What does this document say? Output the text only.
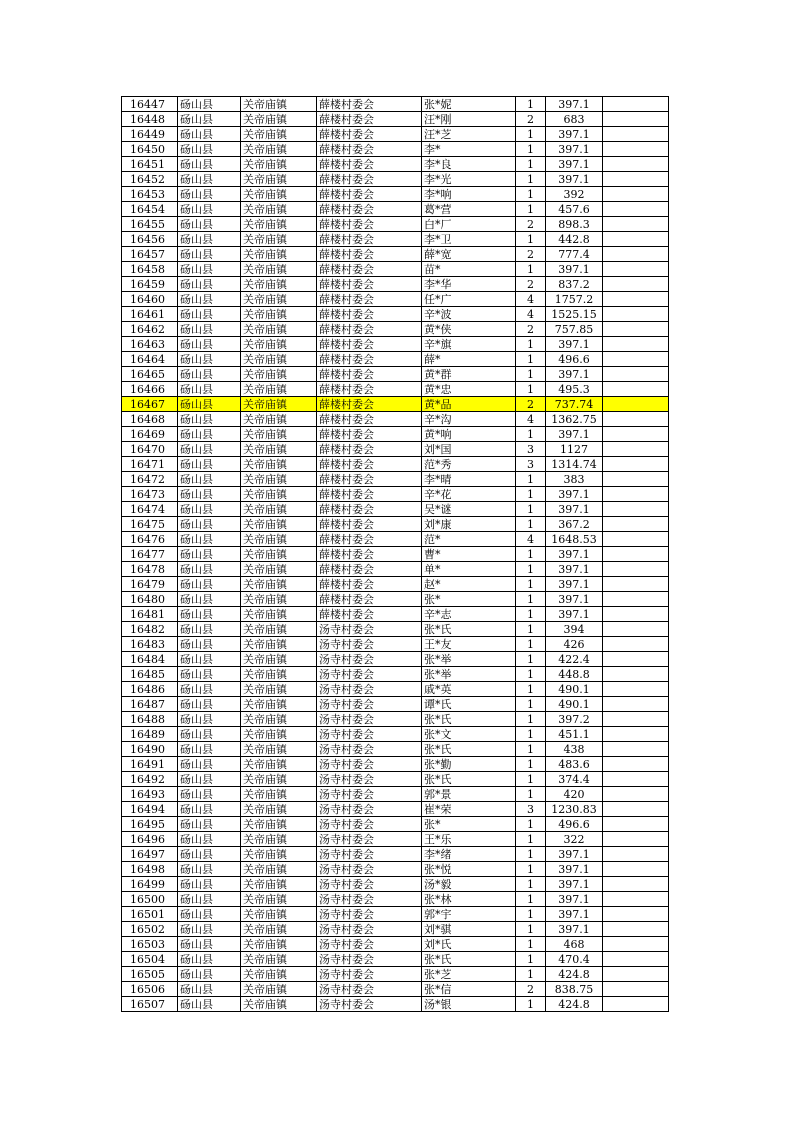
16447	砀山县	关帝庙镇	薛楼村委会	张*妮	1	397.1	
16448	砀山县	关帝庙镇	薛楼村委会	汪*刚	2	683	
16449	砀山县	关帝庙镇	薛楼村委会	汪*芝	1	397.1	
16450	砀山县	关帝庙镇	薛楼村委会	李*	1	397.1	
16451	砀山县	关帝庙镇	薛楼村委会	李*良	1	397.1	
16452	砀山县	关帝庙镇	薛楼村委会	李*光	1	397.1	
16453	砀山县	关帝庙镇	薛楼村委会	李*响	1	392	
16454	砀山县	关帝庙镇	薛楼村委会	葛*营	1	457.6	
16455	砀山县	关帝庙镇	薛楼村委会	白*厂	2	898.3	
16456	砀山县	关帝庙镇	薛楼村委会	李*卫	1	442.8	
16457	砀山县	关帝庙镇	薛楼村委会	薛*宽	2	777.4	
16458	砀山县	关帝庙镇	薛楼村委会	苗*	1	397.1	
16459	砀山县	关帝庙镇	薛楼村委会	李*华	2	837.2	
16460	砀山县	关帝庙镇	薛楼村委会	任*广	4	1757.2	
16461	砀山县	关帝庙镇	薛楼村委会	辛*波	4	1525.15	
16462	砀山县	关帝庙镇	薛楼村委会	黄*侠	2	757.85	
16463	砀山县	关帝庙镇	薛楼村委会	辛*旗	1	397.1	
16464	砀山县	关帝庙镇	薛楼村委会	薛*	1	496.6	
16465	砀山县	关帝庙镇	薛楼村委会	黄*群	1	397.1	
16466	砀山县	关帝庙镇	薛楼村委会	黄*忠	1	495.3	
16467	砀山县	关帝庙镇	薛楼村委会	黄*品	2	737.74	
16468	砀山县	关帝庙镇	薛楼村委会	辛*沟	4	1362.75	
16469	砀山县	关帝庙镇	薛楼村委会	黄*响	1	397.1	
16470	砀山县	关帝庙镇	薛楼村委会	刘*国	3	1127	
16471	砀山县	关帝庙镇	薛楼村委会	范*秀	3	1314.74	
16472	砀山县	关帝庙镇	薛楼村委会	李*晴	1	383	
16473	砀山县	关帝庙镇	薛楼村委会	辛*花	1	397.1	
16474	砀山县	关帝庙镇	薛楼村委会	吴*谜	1	397.1	
16475	砀山县	关帝庙镇	薛楼村委会	刘*康	1	367.2	
16476	砀山县	关帝庙镇	薛楼村委会	范*	4	1648.53	
16477	砀山县	关帝庙镇	薛楼村委会	曹*	1	397.1	
16478	砀山县	关帝庙镇	薛楼村委会	单*	1	397.1	
16479	砀山县	关帝庙镇	薛楼村委会	赵*	1	397.1	
16480	砀山县	关帝庙镇	薛楼村委会	张*	1	397.1	
16481	砀山县	关帝庙镇	薛楼村委会	辛*志	1	397.1	
16482	砀山县	关帝庙镇	汤寺村委会	张*氏	1	394	
16483	砀山县	关帝庙镇	汤寺村委会	王*友	1	426	
16484	砀山县	关帝庙镇	汤寺村委会	张*举	1	422.4	
16485	砀山县	关帝庙镇	汤寺村委会	张*举	1	448.8	
16486	砀山县	关帝庙镇	汤寺村委会	戚*英	1	490.1	
16487	砀山县	关帝庙镇	汤寺村委会	谭*氏	1	490.1	
16488	砀山县	关帝庙镇	汤寺村委会	张*氏	1	397.2	
16489	砀山县	关帝庙镇	汤寺村委会	张*文	1	451.1	
16490	砀山县	关帝庙镇	汤寺村委会	张*氏	1	438	
16491	砀山县	关帝庙镇	汤寺村委会	张*勤	1	483.6	
16492	砀山县	关帝庙镇	汤寺村委会	张*氏	1	374.4	
16493	砀山县	关帝庙镇	汤寺村委会	郭*景	1	420	
16494	砀山县	关帝庙镇	汤寺村委会	崔*荣	3	1230.83	
16495	砀山县	关帝庙镇	汤寺村委会	张*	1	496.6	
16496	砀山县	关帝庙镇	汤寺村委会	王*乐	1	322	
16497	砀山县	关帝庙镇	汤寺村委会	李*绪	1	397.1	
16498	砀山县	关帝庙镇	汤寺村委会	张*悦	1	397.1	
16499	砀山县	关帝庙镇	汤寺村委会	汤*毅	1	397.1	
16500	砀山县	关帝庙镇	汤寺村委会	张*林	1	397.1	
16501	砀山县	关帝庙镇	汤寺村委会	郭*宇	1	397.1	
16502	砀山县	关帝庙镇	汤寺村委会	刘*骐	1	397.1	
16503	砀山县	关帝庙镇	汤寺村委会	刘*氏	1	468	
16504	砀山县	关帝庙镇	汤寺村委会	张*氏	1	470.4	
16505	砀山县	关帝庙镇	汤寺村委会	张*芝	1	424.8	
16506	砀山县	关帝庙镇	汤寺村委会	张*信	2	838.75	
16507	砀山县	关帝庙镇	汤寺村委会	汤*银	1	424.8	
